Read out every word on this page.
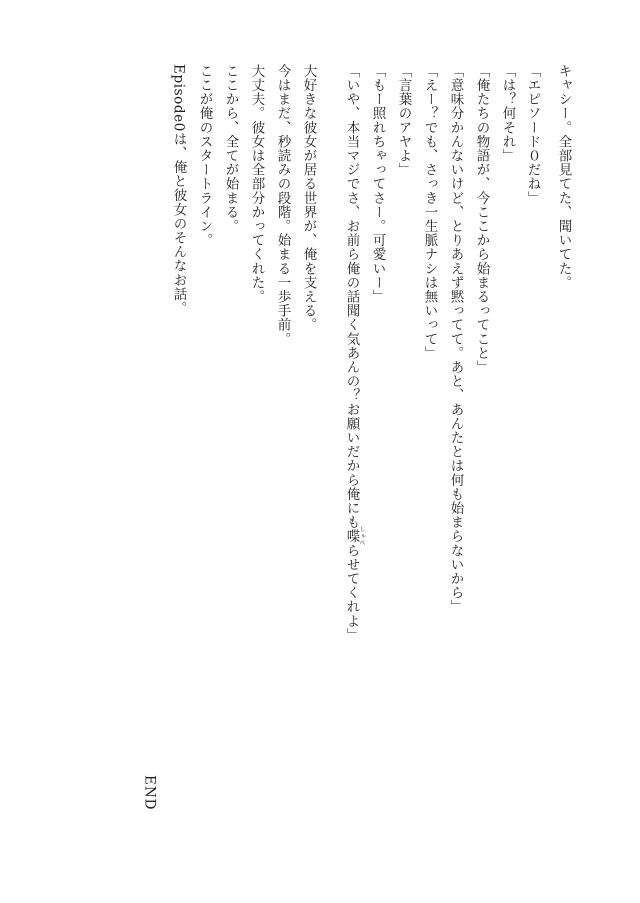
キャシー。全部見てた、聞いてた。
「エピソード０だね」
「は？何それ」
「俺たちの物語が、今ここから始まるってこと」
「意味分かんないけど、とりあえず黙ってて。あと、あんたとは何も始まらないから」
「えー？でも、さっき一生脈ナシは無いって」
「言葉のアヤよ」
「もー照れちゃってさー。可愛いー」
「いや、本当マジでさ、お前ら俺の話聞く気あんの？お願いだから俺にも喋しゃべらせてくれよ」
大好きな彼女が居る世界が、俺を支える。
今はまだ、秒読みの段階。始まる一歩手前。
大丈夫。彼女は全部分かってくれた。
ここから、全てが始まる。
ここが俺のスタートライン。
Episode0は、俺と彼女のそんなお話。
END
